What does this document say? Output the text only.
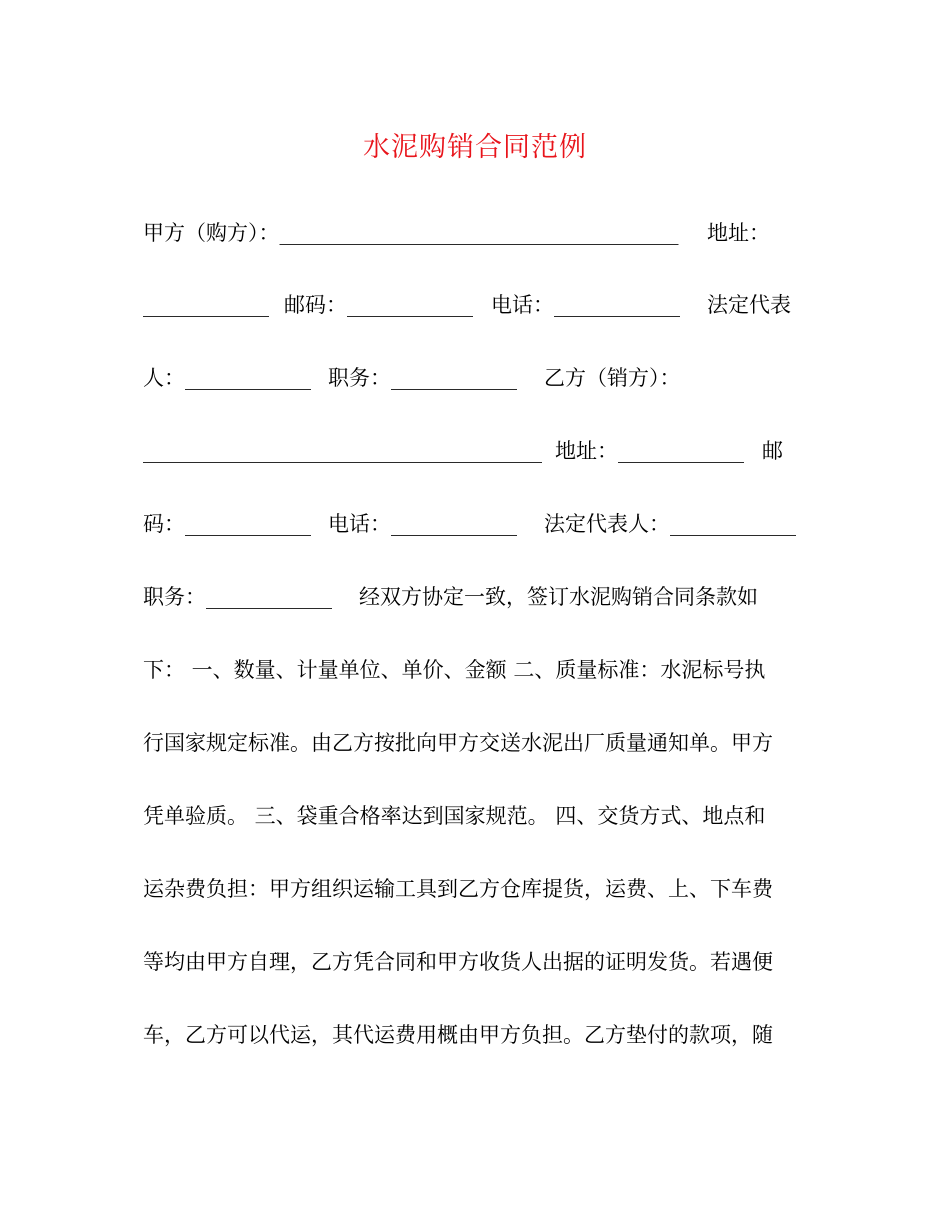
水泥购销合同范例
甲方（购方）：______________________________________ 地址：
____________ 邮码：____________ 电话：____________ 法定代表
人：____________ 职务：____________ 乙方（销方）：
______________________________________ 地址：____________ 邮
码：____________ 电话：____________ 法定代表人：____________
职务：____________ 经双方协定一致，签订水泥购销合同条款如
下： 一、数量、计量单位、单价、金额 二、质量标准：水泥标号执
行国家规定标准。由乙方按批向甲方交送水泥出厂质量通知单。甲方
凭单验质。 三、袋重合格率达到国家规范。 四、交货方式、地点和
运杂费负担：甲方组织运输工具到乙方仓库提货，运费、上、下车费
等均由甲方自理，乙方凭合同和甲方收货人出据的证明发货。若遇便
车，乙方可以代运，其代运费用概由甲方负担。乙方垫付的款项，随
